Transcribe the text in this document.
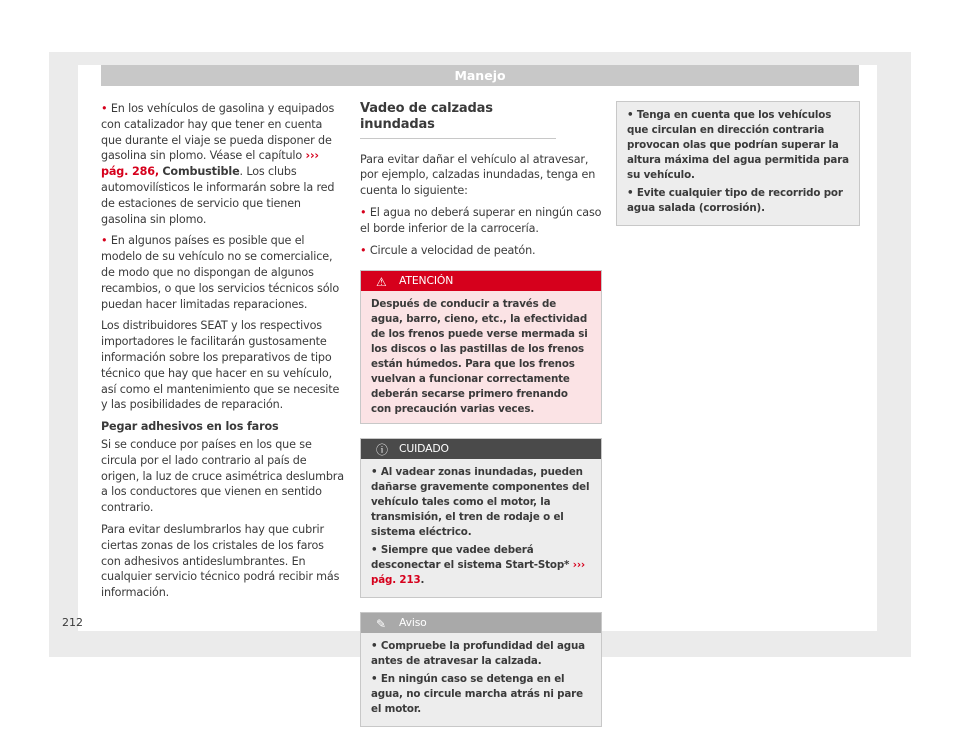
Manejo

• En los vehículos de gasolina y equipados con catalizador hay que tener en cuenta que durante el viaje se pueda disponer de gasolina sin plomo. Véase el capítulo ››› pág. 286, Combustible. Los clubs automovilísticos le informarán sobre la red de estaciones de servicio que tienen gasolina sin plomo.

• En algunos países es posible que el modelo de su vehículo no se comercialice, de modo que no dispongan de algunos recambios, o que los servicios técnicos sólo puedan hacer limitadas reparaciones.

Los distribuidores SEAT y los respectivos importadores le facilitarán gustosamente información sobre los preparativos de tipo técnico que hay que hacer en su vehículo, así como el mantenimiento que se necesite y las posibilidades de reparación.

Pegar adhesivos en los faros

Si se conduce por países en los que se circula por el lado contrario al país de origen, la luz de cruce asimétrica deslumbra a los conductores que vienen en sentido contrario.

Para evitar deslumbrarlos hay que cubrir ciertas zonas de los cristales de los faros con adhesivos antideslumbrantes. En cualquier servicio técnico podrá recibir más información.

Vadeo de calzadas inundadas

Para evitar dañar el vehículo al atravesar, por ejemplo, calzadas inundadas, tenga en cuenta lo siguiente:

• El agua no deberá superar en ningún caso el borde inferior de la carrocería.

• Circule a velocidad de peatón.

⚠ ATENCIÓN
Después de conducir a través de agua, barro, cieno, etc., la efectividad de los frenos puede verse mermada si los discos o las pastillas de los frenos están húmedos. Para que los frenos vuelvan a funcionar correctamente deberán secarse primero frenando con precaución varias veces.
ⓘ CUIDADO

• Al vadear zonas inundadas, pueden dañarse gravemente componentes del vehículo tales como el motor, la transmisión, el tren de rodaje o el sistema eléctrico.

• Siempre que vadee deberá desconectar el sistema Start-Stop* ››› pág. 213.

✎ Aviso

• Compruebe la profundidad del agua antes de atravesar la calzada.

• En ningún caso se detenga en el agua, no circule marcha atrás ni pare el motor.

• Tenga en cuenta que los vehículos que circulan en dirección contraria provocan olas que podrían superar la altura máxima del agua permitida para su vehículo.

• Evite cualquier tipo de recorrido por agua salada (corrosión).

212
